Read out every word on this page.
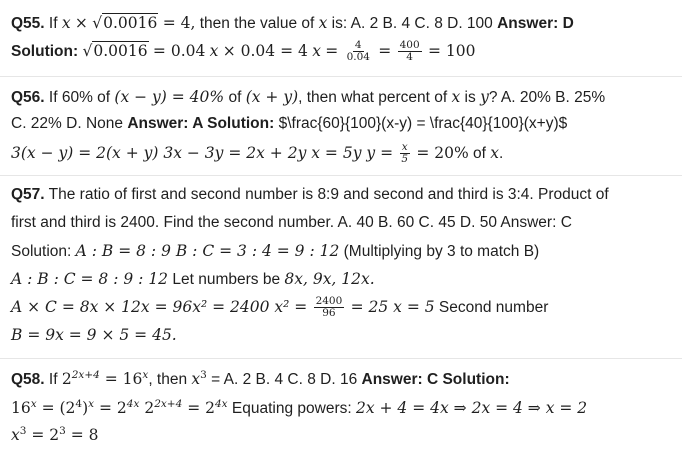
Q55. If x × √0.0016 = 4, then the value of x is: A. 2 B. 4 C. 8 D. 100 Answer: D
Solution: √0.0016 = 0.04 x × 0.04 = 4 $x = \frac{4}{0.04} = \frac{400}{4} = 100$
Q56. If 60% of (x − y) = 40% of (x + y), then what percent of x is y? A. 20% B. 25%
C. 22% D. None Answer: A Solution: $\frac{60}{100}(x-y) = \frac{40}{100}(x+y)$
3(x − y) = 2(x + y) 3x − 3y = 2x + 2y x = 5y $y = \frac{x}{5} = 20\%$ of x.
Q57. The ratio of first and second number is 8:9 and second and third is 3:4. Product of
first and third is 2400. Find the second number. A. 40 B. 60 C. 45 D. 50 Answer: C
Solution: A : B = 8 : 9 B : C = 3 : 4 = 9 : 12 (Multiplying by 3 to match B)
A : B : C = 8 : 9 : 12 Let numbers be 8x, 9x, 12x.
A × C = 8x × 12x = 96x² = 2400 $x^2 = \frac{2400}{96} = 25$ x = 5 Second number
B = 9x = 9 × 5 = 45.
Q58. If $2^{2x+4} = 16^x$, then $x^3 = A$. 2 B. 4 C. 8 D. 16 Answer: C Solution:
$16^x = (2^4)^x = 2^{4x}$ $2^{2x+4} = 2^{4x}$ Equating powers: 2x + 4 = 4x ⇒ 2x = 4 ⇒ x = 2
$x^3 = 2^3 = 8$
